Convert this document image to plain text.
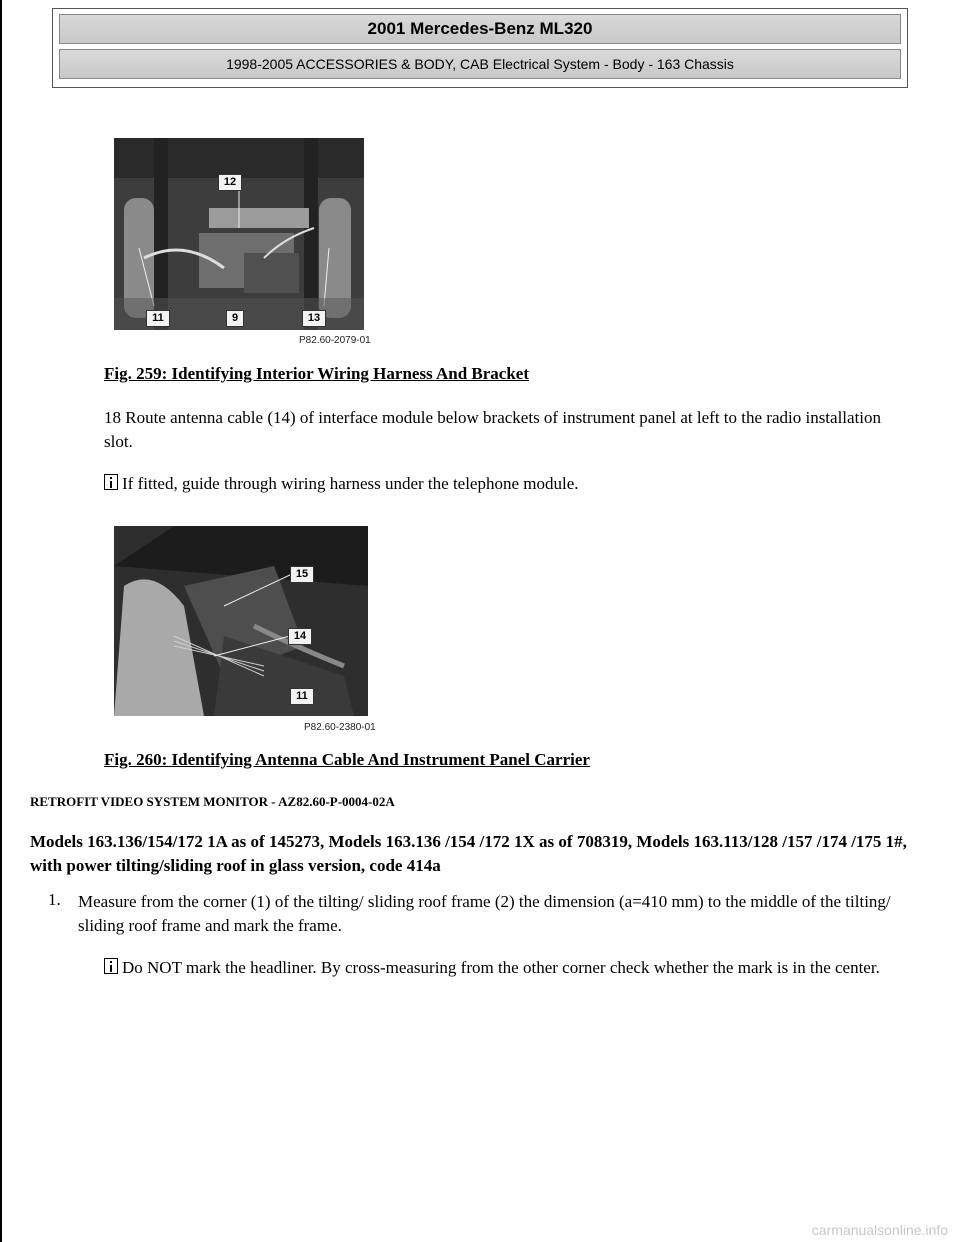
2001 Mercedes-Benz ML320
1998-2005 ACCESSORIES & BODY, CAB Electrical System - Body - 163 Chassis
12
11	9	13
P82.60-2079-01
Fig. 259: Identifying Interior Wiring Harness And Bracket
18 Route antenna cable (14) of interface module below brackets of instrument panel at left to the radio installation slot.
If fitted, guide through wiring harness under the telephone module.
15
14
11
P82.60-2380-01
Fig. 260: Identifying Antenna Cable And Instrument Panel Carrier
RETROFIT VIDEO SYSTEM MONITOR - AZ82.60-P-0004-02A
Models 163.136/154/172 1A as of 145273, Models 163.136 /154 /172 1X as of 708319, Models 163.113/128 /157 /174 /175 1#, with power tilting/sliding roof in glass version, code 414a
1. Measure from the corner (1) of the tilting/ sliding roof frame (2) the dimension (a=410 mm) to the middle of the tilting/ sliding roof frame and mark the frame.
Do NOT mark the headliner. By cross-measuring from the other corner check whether the mark is in the center.
carmanualsonline.info
